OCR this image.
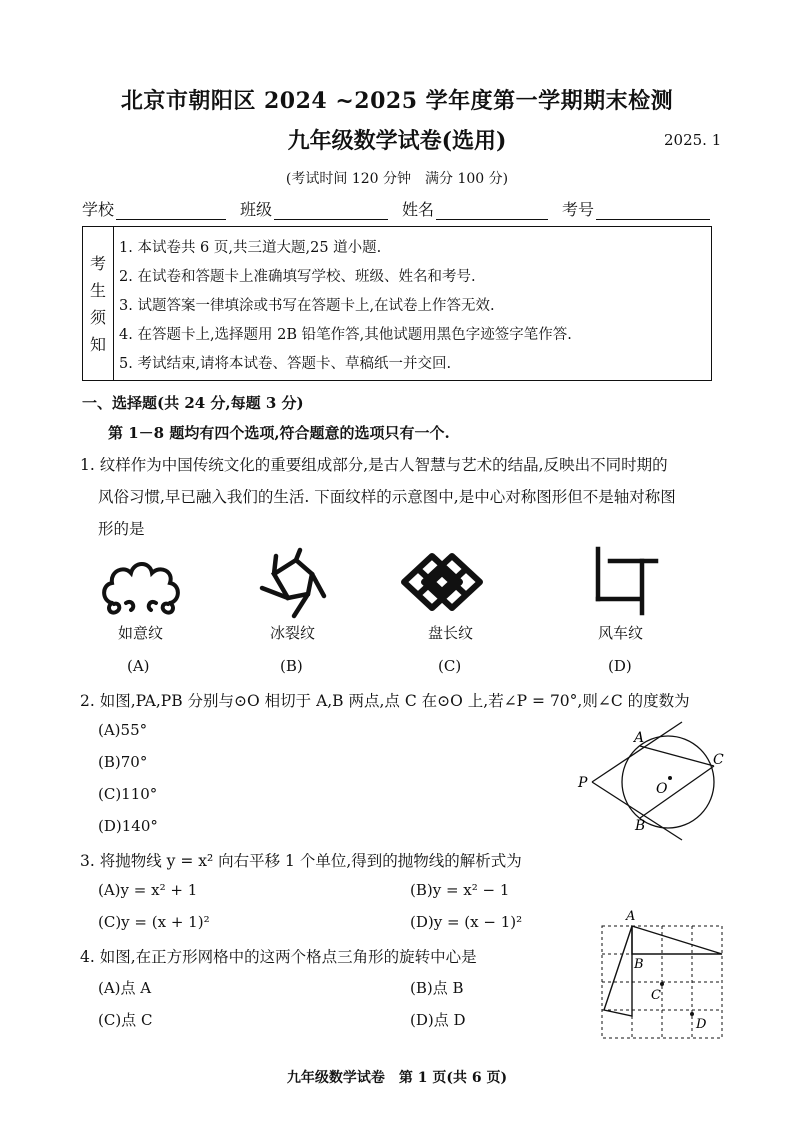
北京市朝阳区 2024 ~2025 学年度第一学期期末检测
九年级数学试卷(选用)	2025. 1
(考试时间 120 分钟　满分 100 分)
学校	班级	姓名	考号
考
生
须
知
1. 本试卷共 6 页,共三道大题,25 道小题.
2. 在试卷和答题卡上准确填写学校、班级、姓名和考号.
3. 试题答案一律填涂或书写在答题卡上,在试卷上作答无效.
4. 在答题卡上,选择题用 2B 铅笔作答,其他试题用黑色字迹签字笔作答.
5. 考试结束,请将本试卷、答题卡、草稿纸一并交回.
一、选择题(共 24 分,每题 3 分)
第 1－8 题均有四个选项,符合题意的选项只有一个.
1. 纹样作为中国传统文化的重要组成部分,是古人智慧与艺术的结晶,反映出不同时期的
风俗习惯,早已融入我们的生活. 下面纹样的示意图中,是中心对称图形但不是轴对称图
形的是
如意纹	冰裂纹	盘长纹	风车纹
(A)	(B)	(C)	(D)
2. 如图,PA,PB 分别与⊙O 相切于 A,B 两点,点 C 在⊙O 上,若∠P = 70°,则∠C 的度数为
(A)55°
(B)70°
(C)110°
(D)140°
A
B
C
O
P
3. 将抛物线 y = x² 向右平移 1 个单位,得到的抛物线的解析式为
(A)y = x² + 1	(B)y = x² − 1
(C)y = (x + 1)²	(D)y = (x − 1)²
4. 如图,在正方形网格中的这两个格点三角形的旋转中心是
(A)点 A	(B)点 B
(C)点 C	(D)点 D
A
B
C
D
九年级数学试卷　第 1 页(共 6 页)
